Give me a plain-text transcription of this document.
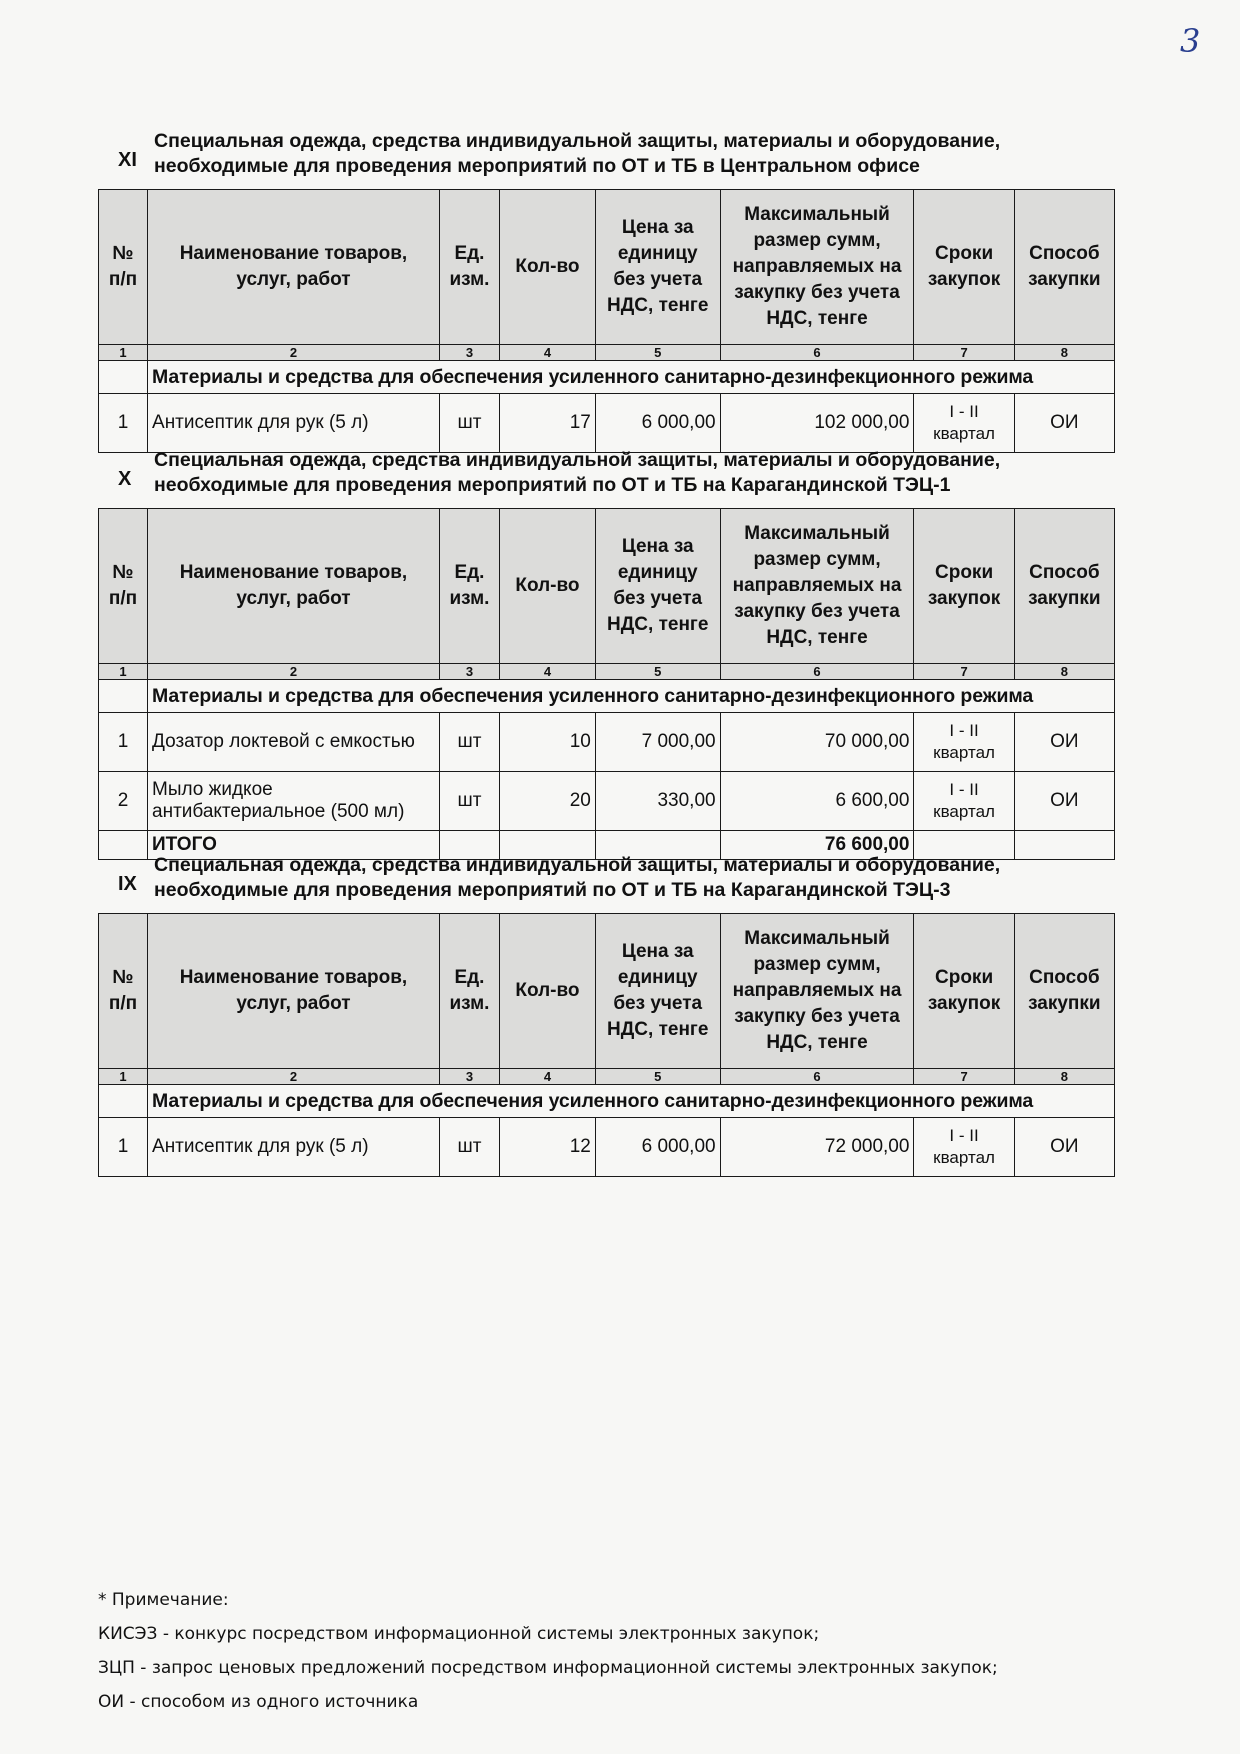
3
XI
Специальная одежда, средства индивидуальной защиты, материалы и оборудование, необходимые для проведения мероприятий по ОТ и ТБ в Центральном офисе
№ п/п	Наименование товаров, услуг, работ	Ед. изм.	Кол-во	Цена за единицу без учета НДС, тенге	Максимальный размер сумм, направляемых на закупку без учета НДС, тенге	Сроки закупок	Способ закупки
1	2	3	4	5	6	7	8
	Материалы и средства для обеспечения усиленного санитарно-дезинфекционного режима						
1	Антисептик для рук (5 л)	шт	17	6 000,00	102 000,00	I - II квартал	ОИ
X
Специальная одежда, средства индивидуальной защиты, материалы и оборудование, необходимые для проведения мероприятий по ОТ и ТБ на Карагандинской ТЭЦ-1
№ п/п	Наименование товаров, услуг, работ	Ед. изм.	Кол-во	Цена за единицу без учета НДС, тенге	Максимальный размер сумм, направляемых на закупку без учета НДС, тенге	Сроки закупок	Способ закупки
1	2	3	4	5	6	7	8
	Материалы и средства для обеспечения усиленного санитарно-дезинфекционного режима						
1	Дозатор локтевой с емкостью	шт	10	7 000,00	70 000,00	I - II квартал	ОИ
2	Мыло жидкое антибактериальное (500 мл)	шт	20	330,00	6 600,00	I - II квартал	ОИ
	ИТОГО				76 600,00		
IX
Специальная одежда, средства индивидуальной защиты, материалы и оборудование, необходимые для проведения мероприятий по ОТ и ТБ на Карагандинской ТЭЦ-3
№ п/п	Наименование товаров, услуг, работ	Ед. изм.	Кол-во	Цена за единицу без учета НДС, тенге	Максимальный размер сумм, направляемых на закупку без учета НДС, тенге	Сроки закупок	Способ закупки
1	2	3	4	5	6	7	8
	Материалы и средства для обеспечения усиленного санитарно-дезинфекционного режима						
1	Антисептик для рук (5 л)	шт	12	6 000,00	72 000,00	I - II квартал	ОИ
* Примечание:
КИСЭЗ - конкурс посредством информационной системы электронных закупок;
ЗЦП - запрос ценовых предложений посредством информационной системы электронных закупок;
ОИ - способом из одного источника
